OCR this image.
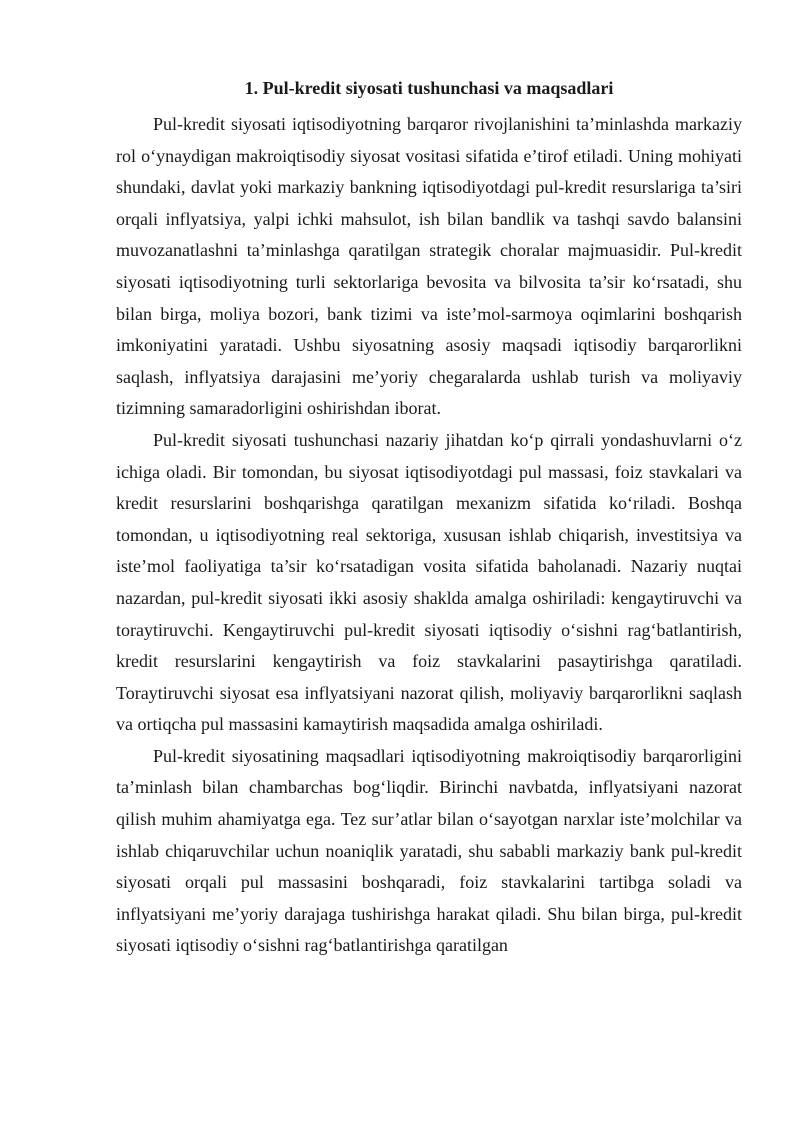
1. Pul-kredit siyosati tushunchasi va maqsadlari

Pul-kredit siyosati iqtisodiyotning barqaror rivojlanishini ta’minlashda markaziy rol o‘ynaydigan makroiqtisodiy siyosat vositasi sifatida e’tirof etiladi. Uning mohiyati shundaki, davlat yoki markaziy bankning iqtisodiyotdagi pul-kredit resurslariga ta’siri orqali inflyatsiya, yalpi ichki mahsulot, ish bilan bandlik va tashqi savdo balansini muvozanatlashni ta’minlashga qaratilgan strategik choralar majmuasidir. Pul-kredit siyosati iqtisodiyotning turli sektorlariga bevosita va bilvosita ta’sir ko‘rsatadi, shu bilan birga, moliya bozori, bank tizimi va iste’mol-sarmoya oqimlarini boshqarish imkoniyatini yaratadi. Ushbu siyosatning asosiy maqsadi iqtisodiy barqarorlikni saqlash, inflyatsiya darajasini me’yoriy chegaralarda ushlab turish va moliyaviy tizimning samaradorligini oshirishdan iborat.

Pul-kredit siyosati tushunchasi nazariy jihatdan ko‘p qirrali yondashuvlarni o‘z ichiga oladi. Bir tomondan, bu siyosat iqtisodiyotdagi pul massasi, foiz stavkalari va kredit resurslarini boshqarishga qaratilgan mexanizm sifatida ko‘riladi. Boshqa tomondan, u iqtisodiyotning real sektoriga, xususan ishlab chiqarish, investitsiya va iste’mol faoliyatiga ta’sir ko‘rsatadigan vosita sifatida baholanadi. Nazariy nuqtai nazardan, pul-kredit siyosati ikki asosiy shaklda amalga oshiriladi: kengaytiruvchi va toraytiruvchi. Kengaytiruvchi pul-kredit siyosati iqtisodiy o‘sishni rag‘batlantirish, kredit resurslarini kengaytirish va foiz stavkalarini pasaytirishga qaratiladi. Toraytiruvchi siyosat esa inflyatsiyani nazorat qilish, moliyaviy barqarorlikni saqlash va ortiqcha pul massasini kamaytirish maqsadida amalga oshiriladi.

Pul-kredit siyosatining maqsadlari iqtisodiyotning makroiqtisodiy barqarorligini ta’minlash bilan chambarchas bog‘liqdir. Birinchi navbatda, inflyatsiyani nazorat qilish muhim ahamiyatga ega. Tez sur’atlar bilan o‘sayotgan narxlar iste’molchilar va ishlab chiqaruvchilar uchun noaniqlik yaratadi, shu sababli markaziy bank pul-kredit siyosati orqali pul massasini boshqaradi, foiz stavkalarini tartibga soladi va inflyatsiyani me’yoriy darajaga tushirishga harakat qiladi. Shu bilan birga, pul-kredit siyosati iqtisodiy o‘sishni rag‘batlantirishga qaratilgan
